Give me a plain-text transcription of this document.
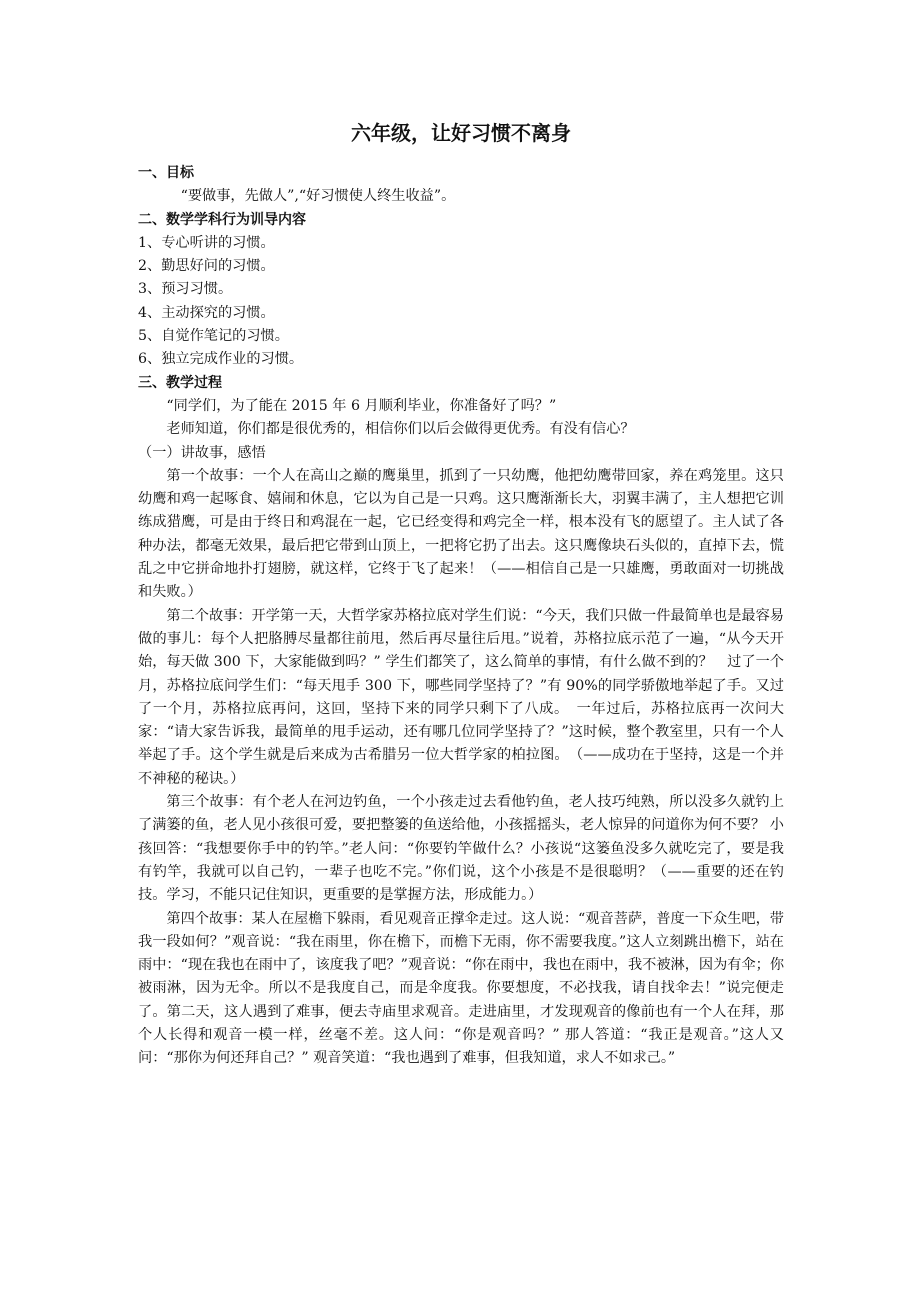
六年级，让好习惯不离身

一、目标

“要做事，先做人”,“好习惯使人终生收益”。

二、数学学科行为训导内容

1、专心听讲的习惯。

2、勤思好问的习惯。

3、预习习惯。

4、主动探究的习惯。

5、自觉作笔记的习惯。

6、独立完成作业的习惯。

三、教学过程

“同学们，为了能在 2015 年 6 月顺利毕业，你准备好了吗？”

老师知道，你们都是很优秀的，相信你们以后会做得更优秀。有没有信心？

（一）讲故事，感悟

第一个故事：一个人在高山之巅的鹰巢里，抓到了一只幼鹰，他把幼鹰带回家，养在鸡笼里。这只幼鹰和鸡一起啄食、嬉闹和休息，它以为自己是一只鸡。这只鹰渐渐长大，羽翼丰满了，主人想把它训练成猎鹰，可是由于终日和鸡混在一起，它已经变得和鸡完全一样，根本没有飞的愿望了。主人试了各种办法，都毫无效果，最后把它带到山顶上，一把将它扔了出去。这只鹰像块石头似的，直掉下去，慌乱之中它拼命地扑打翅膀，就这样，它终于飞了起来！（——相信自己是一只雄鹰，勇敢面对一切挑战和失败。）

第二个故事：开学第一天，大哲学家苏格拉底对学生们说：“今天，我们只做一件最简单也是最容易做的事儿：每个人把胳膊尽量都往前甩，然后再尽量往后甩。”说着，苏格拉底示范了一遍，“从今天开始，每天做 300 下，大家能做到吗？” 学生们都笑了，这么简单的事情，有什么做不到的？　过了一个月，苏格拉底问学生们：“每天甩手 300 下，哪些同学坚持了？”有 90%的同学骄傲地举起了手。又过了一个月，苏格拉底再问，这回，坚持下来的同学只剩下了八成。　一年过后，苏格拉底再一次问大家：“请大家告诉我，最简单的甩手运动，还有哪几位同学坚持了？”这时候，整个教室里，只有一个人举起了手。这个学生就是后来成为古希腊另一位大哲学家的柏拉图。　（——成功在于坚持，这是一个并不神秘的秘诀。）

第三个故事：有个老人在河边钓鱼，一个小孩走过去看他钓鱼，老人技巧纯熟，所以没多久就钓上了满篓的鱼，老人见小孩很可爱，要把整篓的鱼送给他，小孩摇摇头，老人惊异的问道你为何不要？ 小孩回答：“我想要你手中的钓竿。”老人问：“你要钓竿做什么？小孩说“这篓鱼没多久就吃完了，要是我有钓竿，我就可以自己钓，一辈子也吃不完。”你们说，这个小孩是不是很聪明？（——重要的还在钓技。学习，不能只记住知识，更重要的是掌握方法，形成能力。）

第四个故事：某人在屋檐下躲雨，看见观音正撑伞走过。这人说：“观音菩萨，普度一下众生吧，带我一段如何？”观音说：“我在雨里，你在檐下，而檐下无雨，你不需要我度。”这人立刻跳出檐下，站在雨中：“现在我也在雨中了，该度我了吧？”观音说：“你在雨中，我也在雨中，我不被淋，因为有伞；你被雨淋，因为无伞。所以不是我度自己，而是伞度我。你要想度，不必找我，请自找伞去！”说完便走了。第二天，这人遇到了难事，便去寺庙里求观音。走进庙里，才发现观音的像前也有一个人在拜，那个人长得和观音一模一样，丝毫不差。这人问：“你是观音吗？” 那人答道：“我正是观音。”这人又问：“那你为何还拜自己？” 观音笑道：“我也遇到了难事，但我知道，求人不如求己。”
